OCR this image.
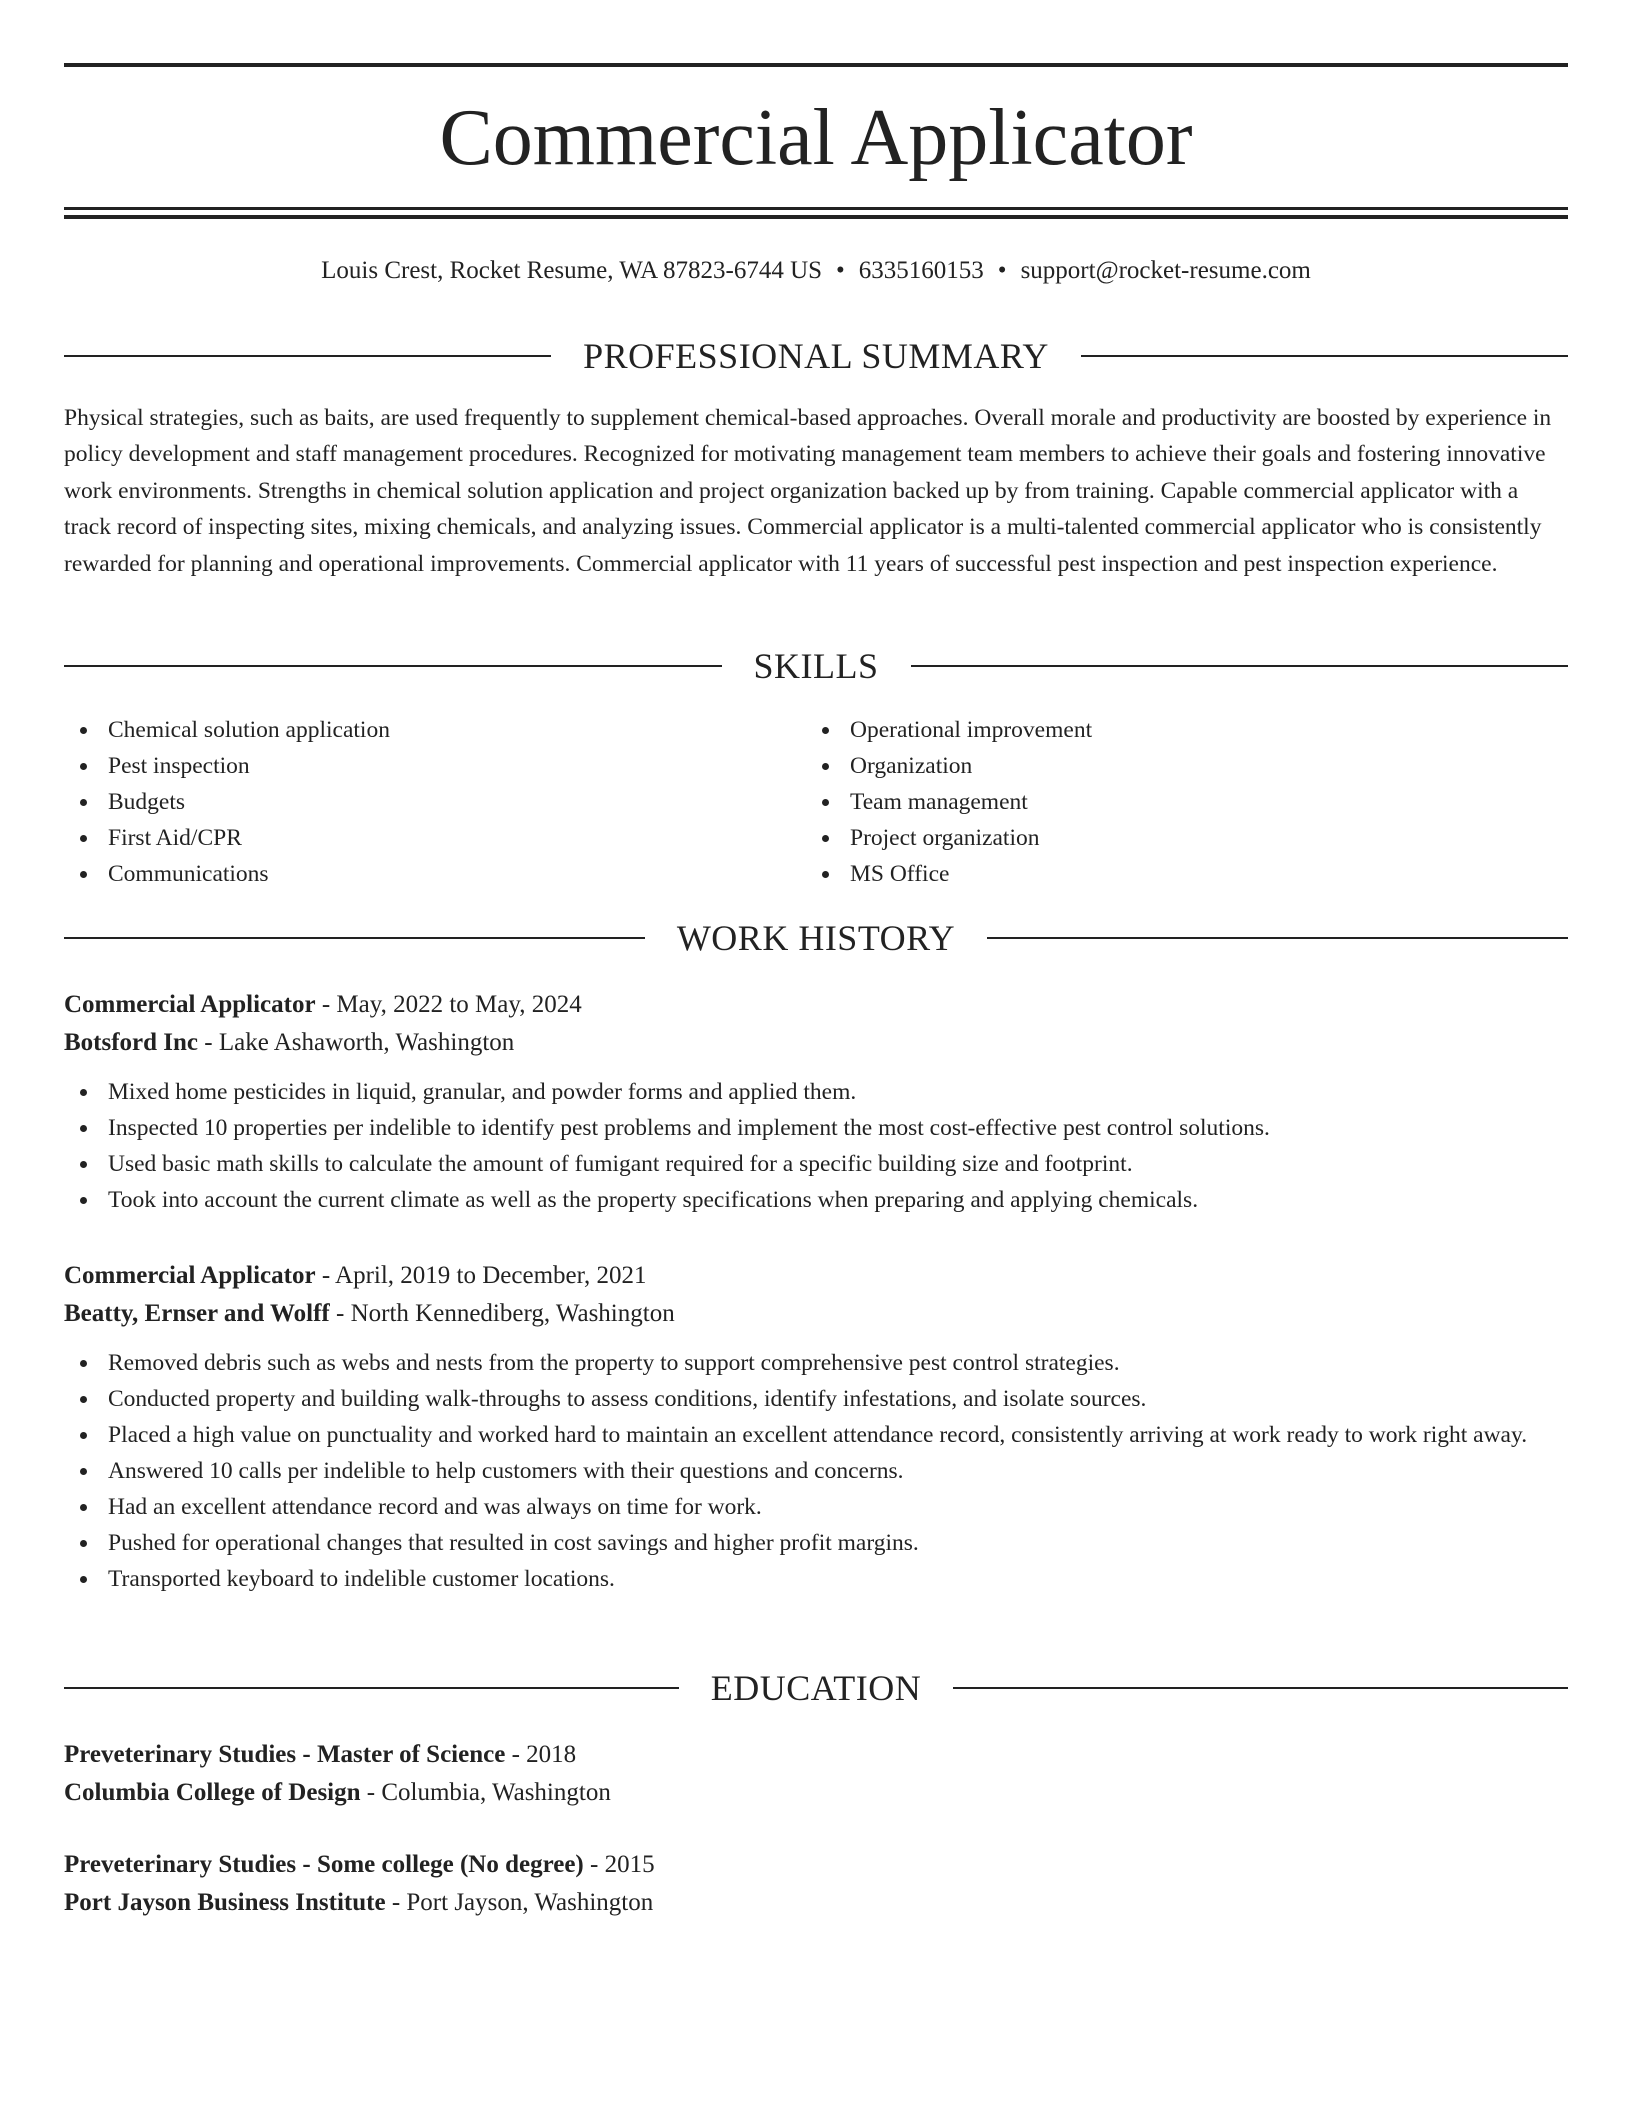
Commercial Applicator
Louis Crest, Rocket Resume, WA 87823-6744 US • 6335160153 • support@rocket-resume.com
PROFESSIONAL SUMMARY

Physical strategies, such as baits, are used frequently to supplement chemical-based approaches. Overall morale and productivity are boosted by experience in policy development and staff management procedures. Recognized for motivating management team members to achieve their goals and fostering innovative work environments. Strengths in chemical solution application and project organization backed up by from training. Capable commercial applicator with a track record of inspecting sites, mixing chemicals, and analyzing issues. Commercial applicator is a multi-talented commercial applicator who is consistently rewarded for planning and operational improvements. Commercial applicator with 11 years of successful pest inspection and pest inspection experience.

SKILLS
Chemical solution application
Pest inspection
Budgets
First Aid/CPR
Communications
Operational improvement
Organization
Team management
Project organization
MS Office
WORK HISTORY
Commercial Applicator - May, 2022 to May, 2024
Botsford Inc - Lake Ashaworth, Washington
Mixed home pesticides in liquid, granular, and powder forms and applied them.
Inspected 10 properties per indelible to identify pest problems and implement the most cost-effective pest control solutions.
Used basic math skills to calculate the amount of fumigant required for a specific building size and footprint.
Took into account the current climate as well as the property specifications when preparing and applying chemicals.
Commercial Applicator - April, 2019 to December, 2021
Beatty, Ernser and Wolff - North Kennediberg, Washington
Removed debris such as webs and nests from the property to support comprehensive pest control strategies.
Conducted property and building walk-throughs to assess conditions, identify infestations, and isolate sources.
Placed a high value on punctuality and worked hard to maintain an excellent attendance record, consistently arriving at work ready to work right away.
Answered 10 calls per indelible to help customers with their questions and concerns.
Had an excellent attendance record and was always on time for work.
Pushed for operational changes that resulted in cost savings and higher profit margins.
Transported keyboard to indelible customer locations.
EDUCATION
Preveterinary Studies - Master of Science - 2018
Columbia College of Design - Columbia, Washington
Preveterinary Studies - Some college (No degree) - 2015
Port Jayson Business Institute - Port Jayson, Washington
